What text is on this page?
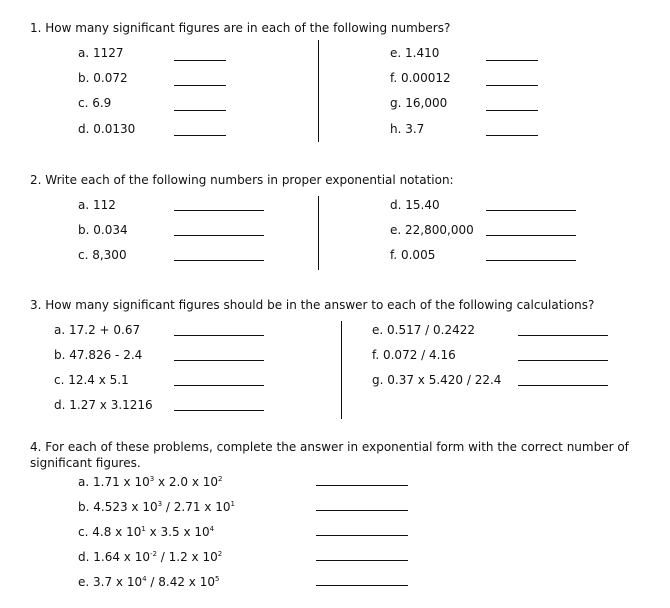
1. How many significant figures are in each of the following numbers?
a. 1127
b. 0.072
c. 6.9
d. 0.0130
e. 1.410
f. 0.00012
g. 16,000
h. 3.7
2. Write each of the following numbers in proper exponential notation:
a. 112
b. 0.034
c. 8,300
d. 15.40
e. 22,800,000
f. 0.005
3. How many significant figures should be in the answer to each of the following calculations?
a. 17.2 + 0.67
b. 47.826 - 2.4
c. 12.4 x 5.1
d. 1.27 x 3.1216
e. 0.517 / 0.2422
f. 0.072 / 4.16
g. 0.37 x 5.420 / 22.4
4. For each of these problems, complete the answer in exponential form with the correct number of
significant figures.
a. 1.71 x $10^3$ x 2.0 x $10^2$
b. 4.523 x $10^3 / 2.71$ x $10^1$
c. 4.8 x $10^1$ x 3.5 x $10^4$
d. 1.64 x $10^{-2} / 1.2$ x $10^2$
e. 3.7 x $10^4 / 8.42$ x $10^5$
